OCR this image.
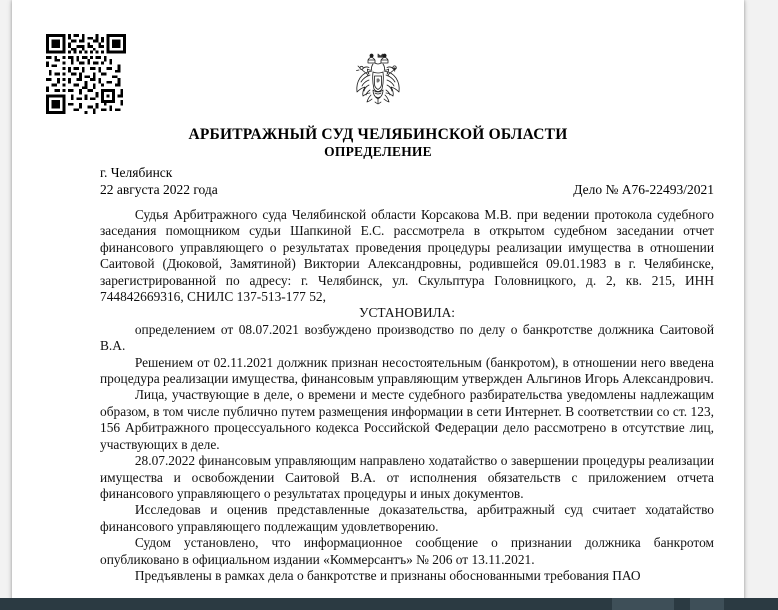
АРБИТРАЖНЫЙ СУД ЧЕЛЯБИНСКОЙ ОБЛАСТИ
ОПРЕДЕЛЕНИЕ
г. Челябинск
22 августа 2022 года	Дело № А76-22493/2021

Судья Арбитражного суда Челябинской области Корсакова М.В. при ведении протокола судебного заседания помощником судьи Шапкиной Е.С. рассмотрела в открытом судебном заседании отчет финансового управляющего о результатах проведения процедуры реализации имущества в отношении Саитовой (Дюковой, Замятиной) Виктории Александровны, родившейся 09.01.1983 в г. Челябинске, зарегистрированной по адресу: г. Челябинск, ул. Скульптура Головницкого, д. 2, кв. 215, ИНН 744842669316, СНИЛС 137-513-177 52,

УСТАНОВИЛА:

определением от 08.07.2021 возбуждено производство по делу о банкротстве должника Саитовой В.А.

Решением от 02.11.2021 должник признан несостоятельным (банкротом), в отношении него введена процедура реализации имущества, финансовым управляющим утвержден Альгинов Игорь Александрович.

Лица, участвующие в деле, о времени и месте судебного разбирательства уведомлены надлежащим образом, в том числе публично путем размещения информации в сети Интернет. В соответствии со ст. 123, 156 Арбитражного процессуального кодекса Российской Федерации дело рассмотрено в отсутствие лиц, участвующих в деле.

28.07.2022 финансовым управляющим направлено ходатайство о завершении процедуры реализации имущества и освобождении Саитовой В.А. от исполнения обязательств с приложением отчета финансового управляющего о результатах процедуры и иных документов.

Исследовав и оценив представленные доказательства, арбитражный суд считает ходатайство финансового управляющего подлежащим удовлетворению.

Судом установлено, что информационное сообщение о признании должника банкротом опубликовано в официальном издании «Коммерсантъ» № 206 от 13.11.2021.

Предъявлены в рамках дела о банкротстве и признаны обоснованными требования ПАО
